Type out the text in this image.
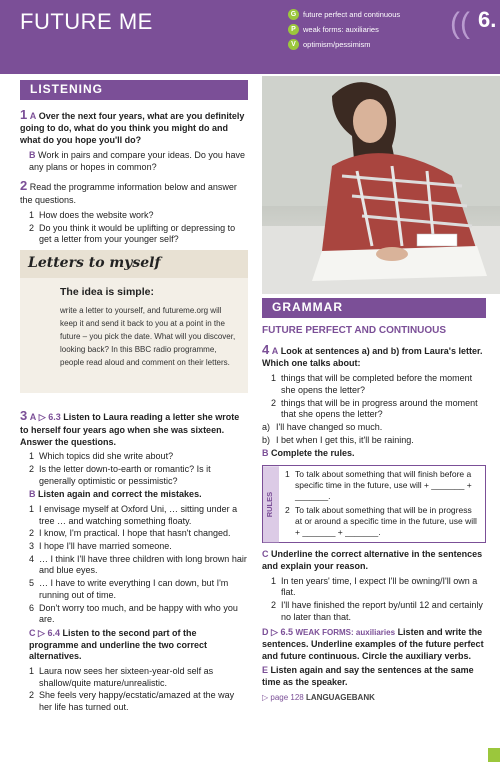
FUTURE ME	G future perfect and continuous
P weak forms: auxiliaries
V optimism/pessimism
(( 6.
LISTENING

1 A Over the next four years, what are you definitely going to do, what do you think you might do and what do you hope you'll do?

B Work in pairs and compare your ideas. Do you have any plans or hopes in common?

2 Read the programme information below and answer the questions.

1 How does the website work?
2 Do you think it would be uplifting or depressing to get a letter from your younger self?
Letters to myself
The idea is simple:
write a letter to yourself, and futureme.org will keep it and send it back to you at a point in the future – you pick the date. What will you discover, looking back? In this BBC radio programme, people read aloud and comment on their letters.

3 A ▷ 6.3 Listen to Laura reading a letter she wrote to herself four years ago when she was sixteen. Answer the questions.

1 Which topics did she write about?
2 Is the letter down-to-earth or romantic? Is it generally optimistic or pessimistic?

B Listen again and correct the mistakes.

1 I envisage myself at Oxford Uni, … sitting under a tree … and watching something floaty.
2 I know, I'm practical. I hope that hasn't changed.
3 I hope I'll have married someone.
4 … I think I'll have three children with long brown hair and blue eyes.
5 … I have to write everything I can down, but I'm running out of time.
6 Don't worry too much, and be happy with who you are.

C ▷ 6.4 Listen to the second part of the programme and underline the two correct alternatives.

1 Laura now sees her sixteen-year-old self as shallow/quite mature/unrealistic.
2 She feels very happy/ecstatic/amazed at the way her life has turned out.
GRAMMAR
FUTURE PERFECT AND CONTINUOUS

4 A Look at sentences a) and b) from Laura's letter. Which one talks about:

1 things that will be completed before the moment she opens the letter?
2 things that will be in progress around the moment that she opens the letter?
a) I'll have changed so much.
b) I bet when I get this, it'll be raining.

B Complete the rules.

RULES
1 To talk about something that will finish before a specific time in the future, use will + _______ + _______.
2 To talk about something that will be in progress at or around a specific time in the future, use will + _______ + _______.

C Underline the correct alternative in the sentences and explain your reason.

1 In ten years' time, I expect I'll be owning/I'll own a flat.
2 I'll have finished the report by/until 12 and certainly no later than that.

D ▷ 6.5 WEAK FORMS: auxiliaries Listen and write the sentences. Underline examples of the future perfect and future continuous. Circle the auxiliary verbs.

E Listen again and say the sentences at the same time as the speaker.

▷ page 128 LANGUAGEBANK
